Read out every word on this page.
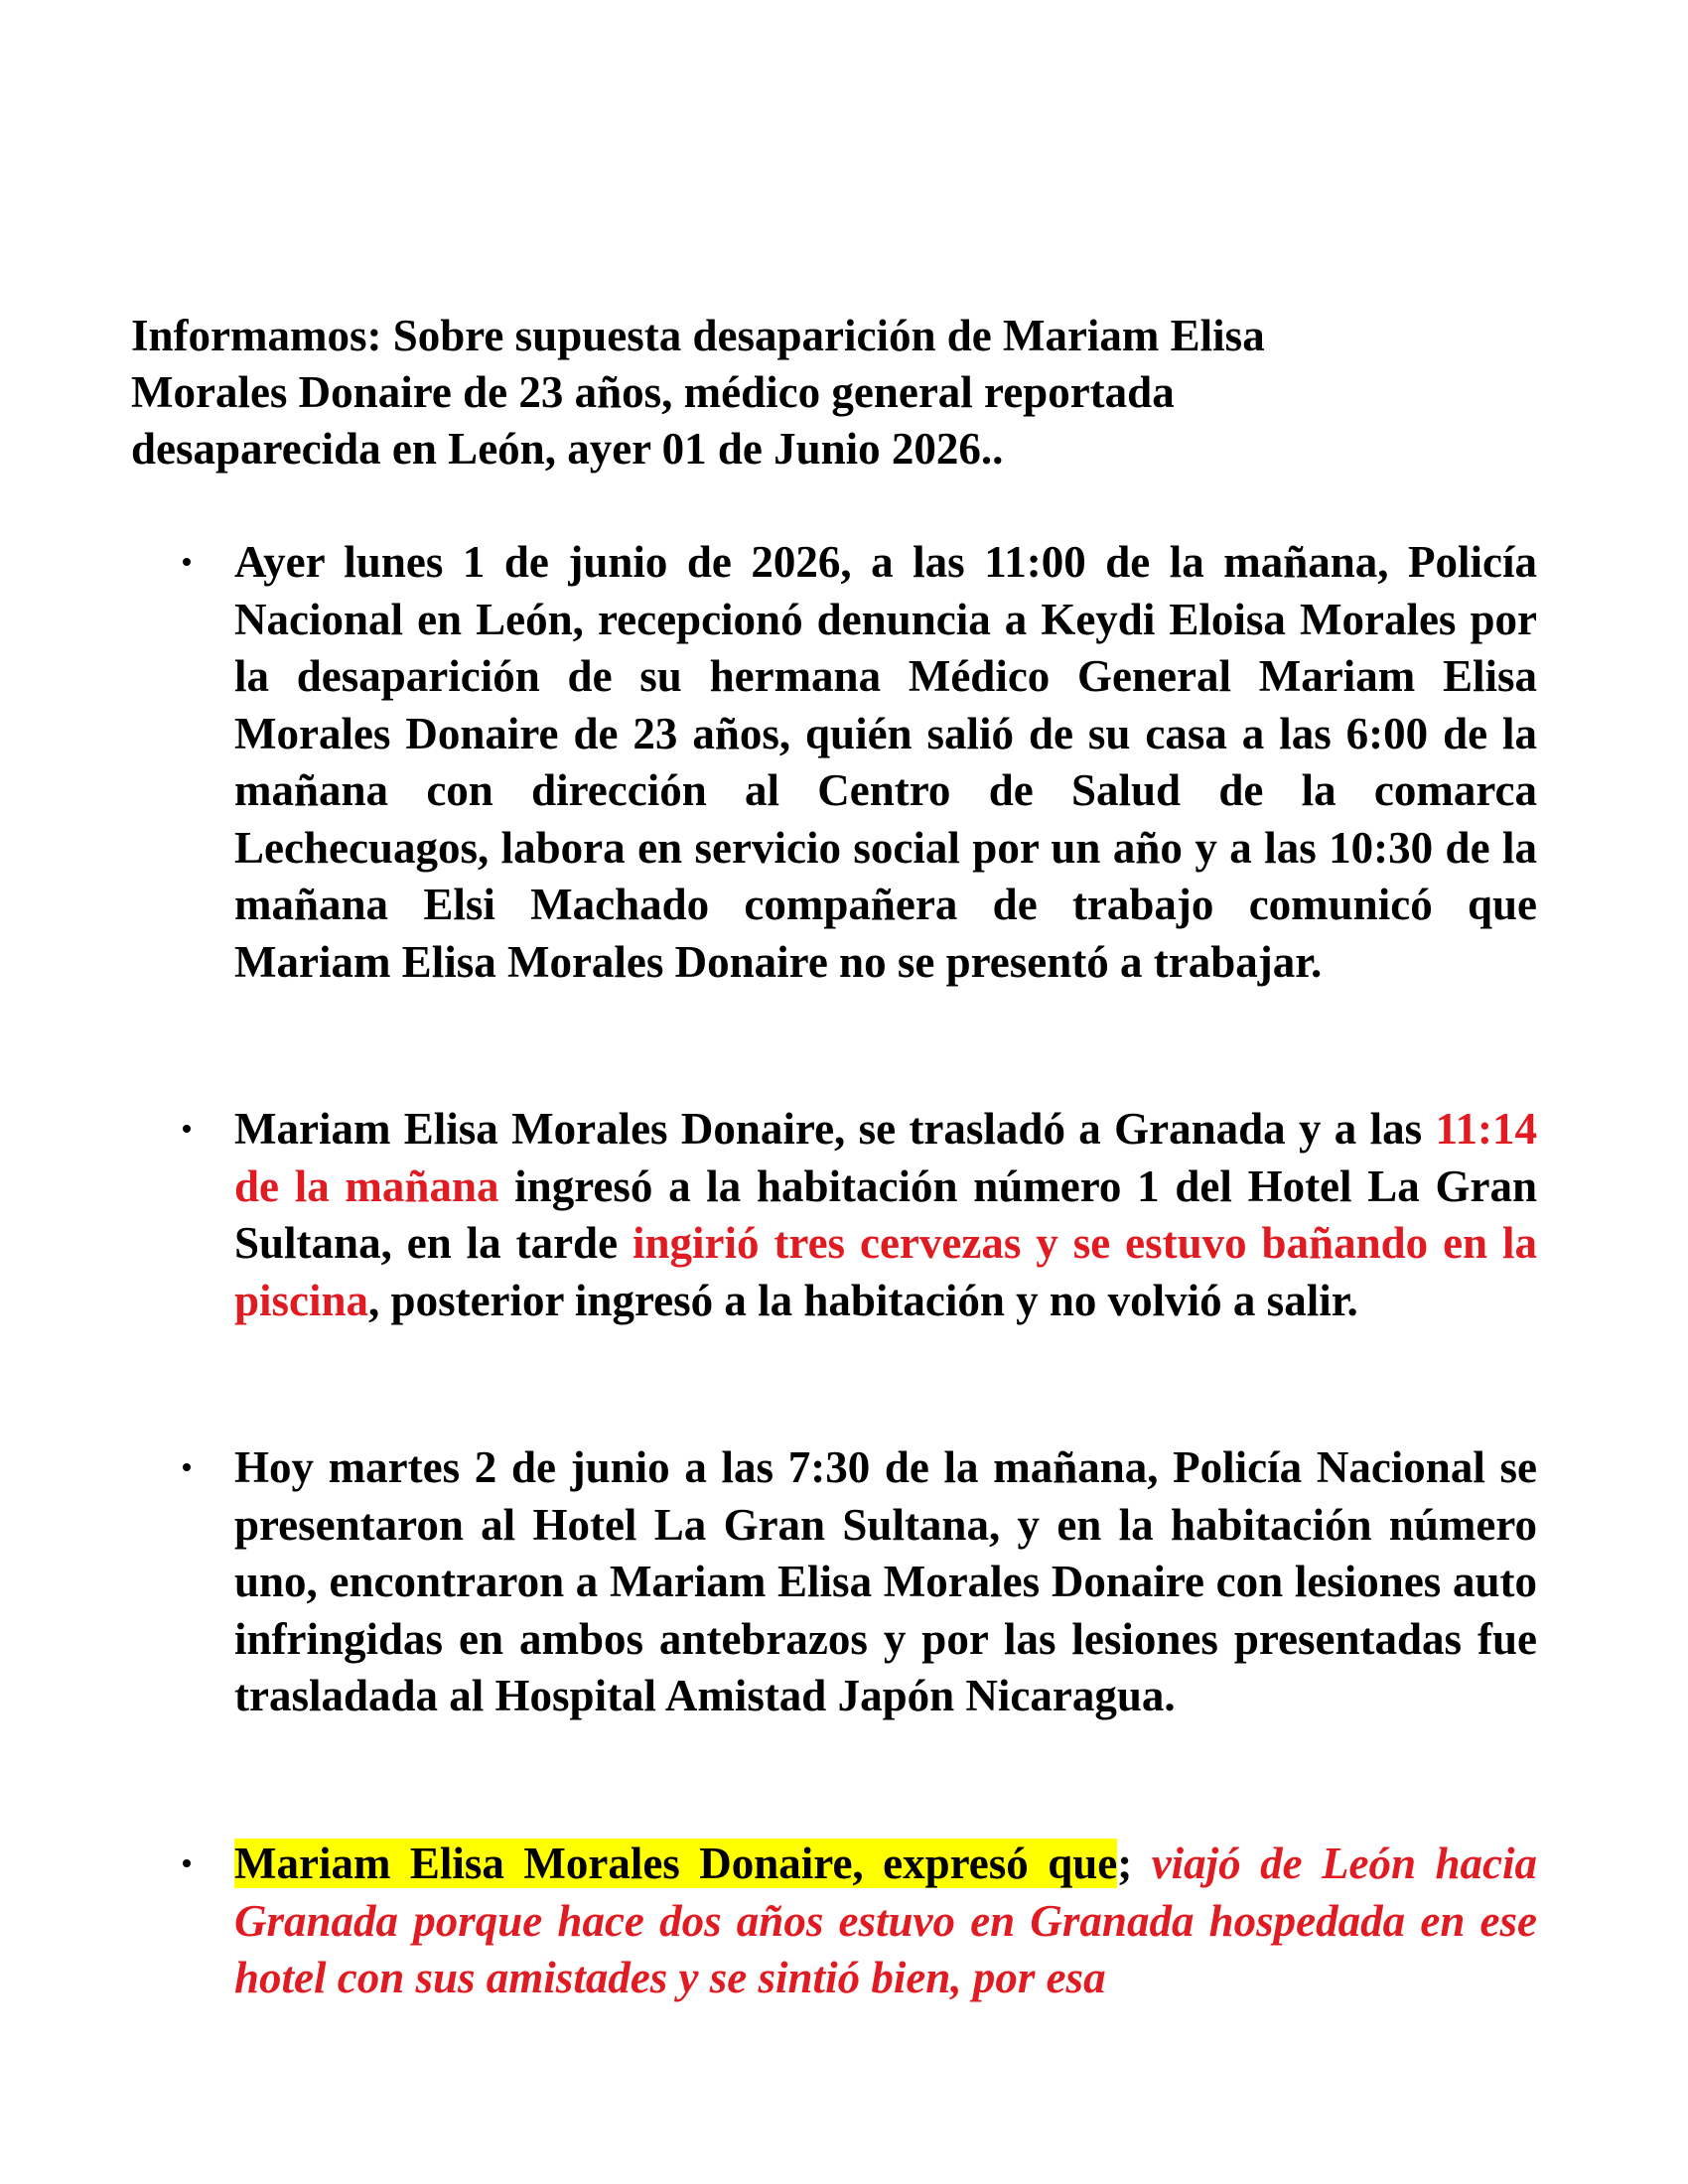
Informamos: Sobre supuesta desaparición de Mariam Elisa Morales Donaire de 23 años, médico general reportada desaparecida en León, ayer 01 de Junio 2026..

Ayer lunes 1 de junio de 2026, a las 11:00 de la mañana, Policía Nacional en León, recepcionó denuncia a Keydi Eloisa Morales por la desaparición de su hermana Médico General Mariam Elisa Morales Donaire de 23 años, quién salió de su casa a las 6:00 de la mañana con dirección al Centro de Salud de la comarca Lechecuagos, labora en servicio social por un año y a las 10:30 de la mañana Elsi Machado compañera de trabajo comunicó que Mariam Elisa Morales Donaire no se presentó a trabajar.

Mariam Elisa Morales Donaire, se trasladó a Granada y a las 11:14 de la mañana ingresó a la habitación número 1 del Hotel La Gran Sultana, en la tarde ingirió tres cervezas y se estuvo bañando en la piscina, posterior ingresó a la habitación y no volvió a salir.

Hoy martes 2 de junio a las 7:30 de la mañana, Policía Nacional se presentaron al Hotel La Gran Sultana, y en la habitación número uno, encontraron a Mariam Elisa Morales Donaire con lesiones auto infringidas en ambos antebrazos y por las lesiones presentadas fue trasladada al Hospital Amistad Japón Nicaragua.

Mariam Elisa Morales Donaire, expresó que; viajó de León hacia Granada porque hace dos años estuvo en Granada hospedada en ese hotel con sus amistades y se sintió bien, por esa
